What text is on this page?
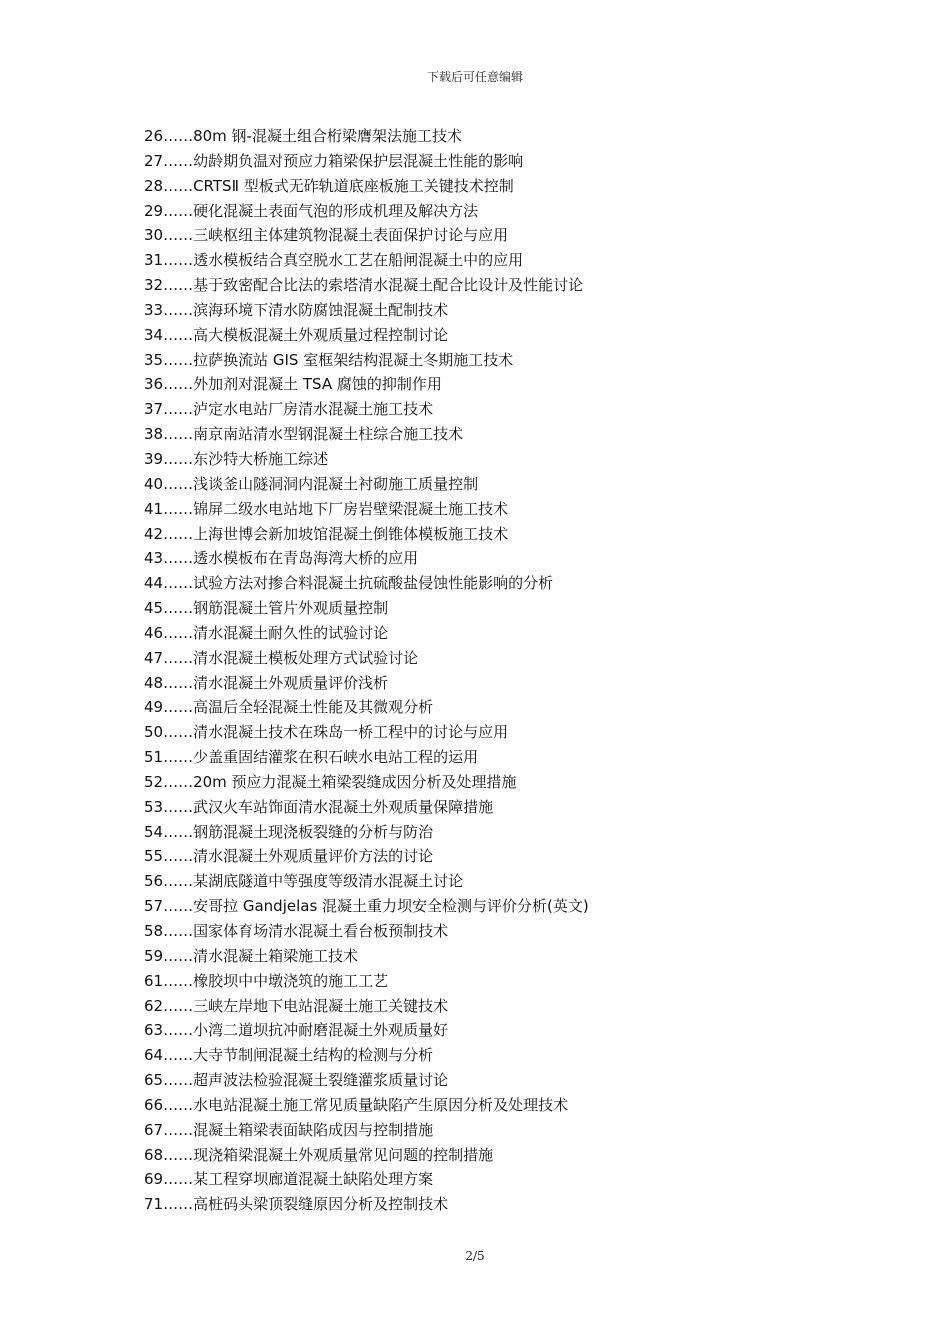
下载后可任意编辑
26……80m 钢-混凝土组合桁梁膺架法施工技术
27……幼龄期负温对预应力箱梁保护层混凝土性能的影响
28……CRTSⅡ 型板式无砟轨道底座板施工关键技术控制
29……硬化混凝土表面气泡的形成机理及解决方法
30……三峡枢纽主体建筑物混凝土表面保护讨论与应用
31……透水模板结合真空脱水工艺在船闸混凝土中的应用
32……基于致密配合比法的索塔清水混凝土配合比设计及性能讨论
33……滨海环境下清水防腐蚀混凝土配制技术
34……高大模板混凝土外观质量过程控制讨论
35……拉萨换流站 GIS 室框架结构混凝土冬期施工技术
36……外加剂对混凝土 TSA 腐蚀的抑制作用
37……泸定水电站厂房清水混凝土施工技术
38……南京南站清水型钢混凝土柱综合施工技术
39……东沙特大桥施工综述
40……浅谈釜山隧洞洞内混凝土衬砌施工质量控制
41……锦屏二级水电站地下厂房岩壁梁混凝土施工技术
42……上海世博会新加坡馆混凝土倒锥体模板施工技术
43……透水模板布在青岛海湾大桥的应用
44……试验方法对掺合料混凝土抗硫酸盐侵蚀性能影响的分析
45……钢筋混凝土管片外观质量控制
46……清水混凝土耐久性的试验讨论
47……清水混凝土模板处理方式试验讨论
48……清水混凝土外观质量评价浅析
49……高温后全轻混凝土性能及其微观分析
50……清水混凝土技术在珠岛一桥工程中的讨论与应用
51……少盖重固结灌浆在积石峡水电站工程的运用
52……20m 预应力混凝土箱梁裂缝成因分析及处理措施
53……武汉火车站饰面清水混凝土外观质量保障措施
54……钢筋混凝土现浇板裂缝的分析与防治
55……清水混凝土外观质量评价方法的讨论
56……某湖底隧道中等强度等级清水混凝土讨论
57……安哥拉 Gandjelas 混凝土重力坝安全检测与评价分析(英文)
58……国家体育场清水混凝土看台板预制技术
59……清水混凝土箱梁施工技术
61……橡胶坝中中墩浇筑的施工工艺
62……三峡左岸地下电站混凝土施工关键技术
63……小湾二道坝抗冲耐磨混凝土外观质量好
64……大寺节制闸混凝土结构的检测与分析
65……超声波法检验混凝土裂缝灌浆质量讨论
66……水电站混凝土施工常见质量缺陷产生原因分析及处理技术
67……混凝土箱梁表面缺陷成因与控制措施
68……现浇箱梁混凝土外观质量常见问题的控制措施
69……某工程穿坝廊道混凝土缺陷处理方案
71……高桩码头梁顶裂缝原因分析及控制技术
2/5
